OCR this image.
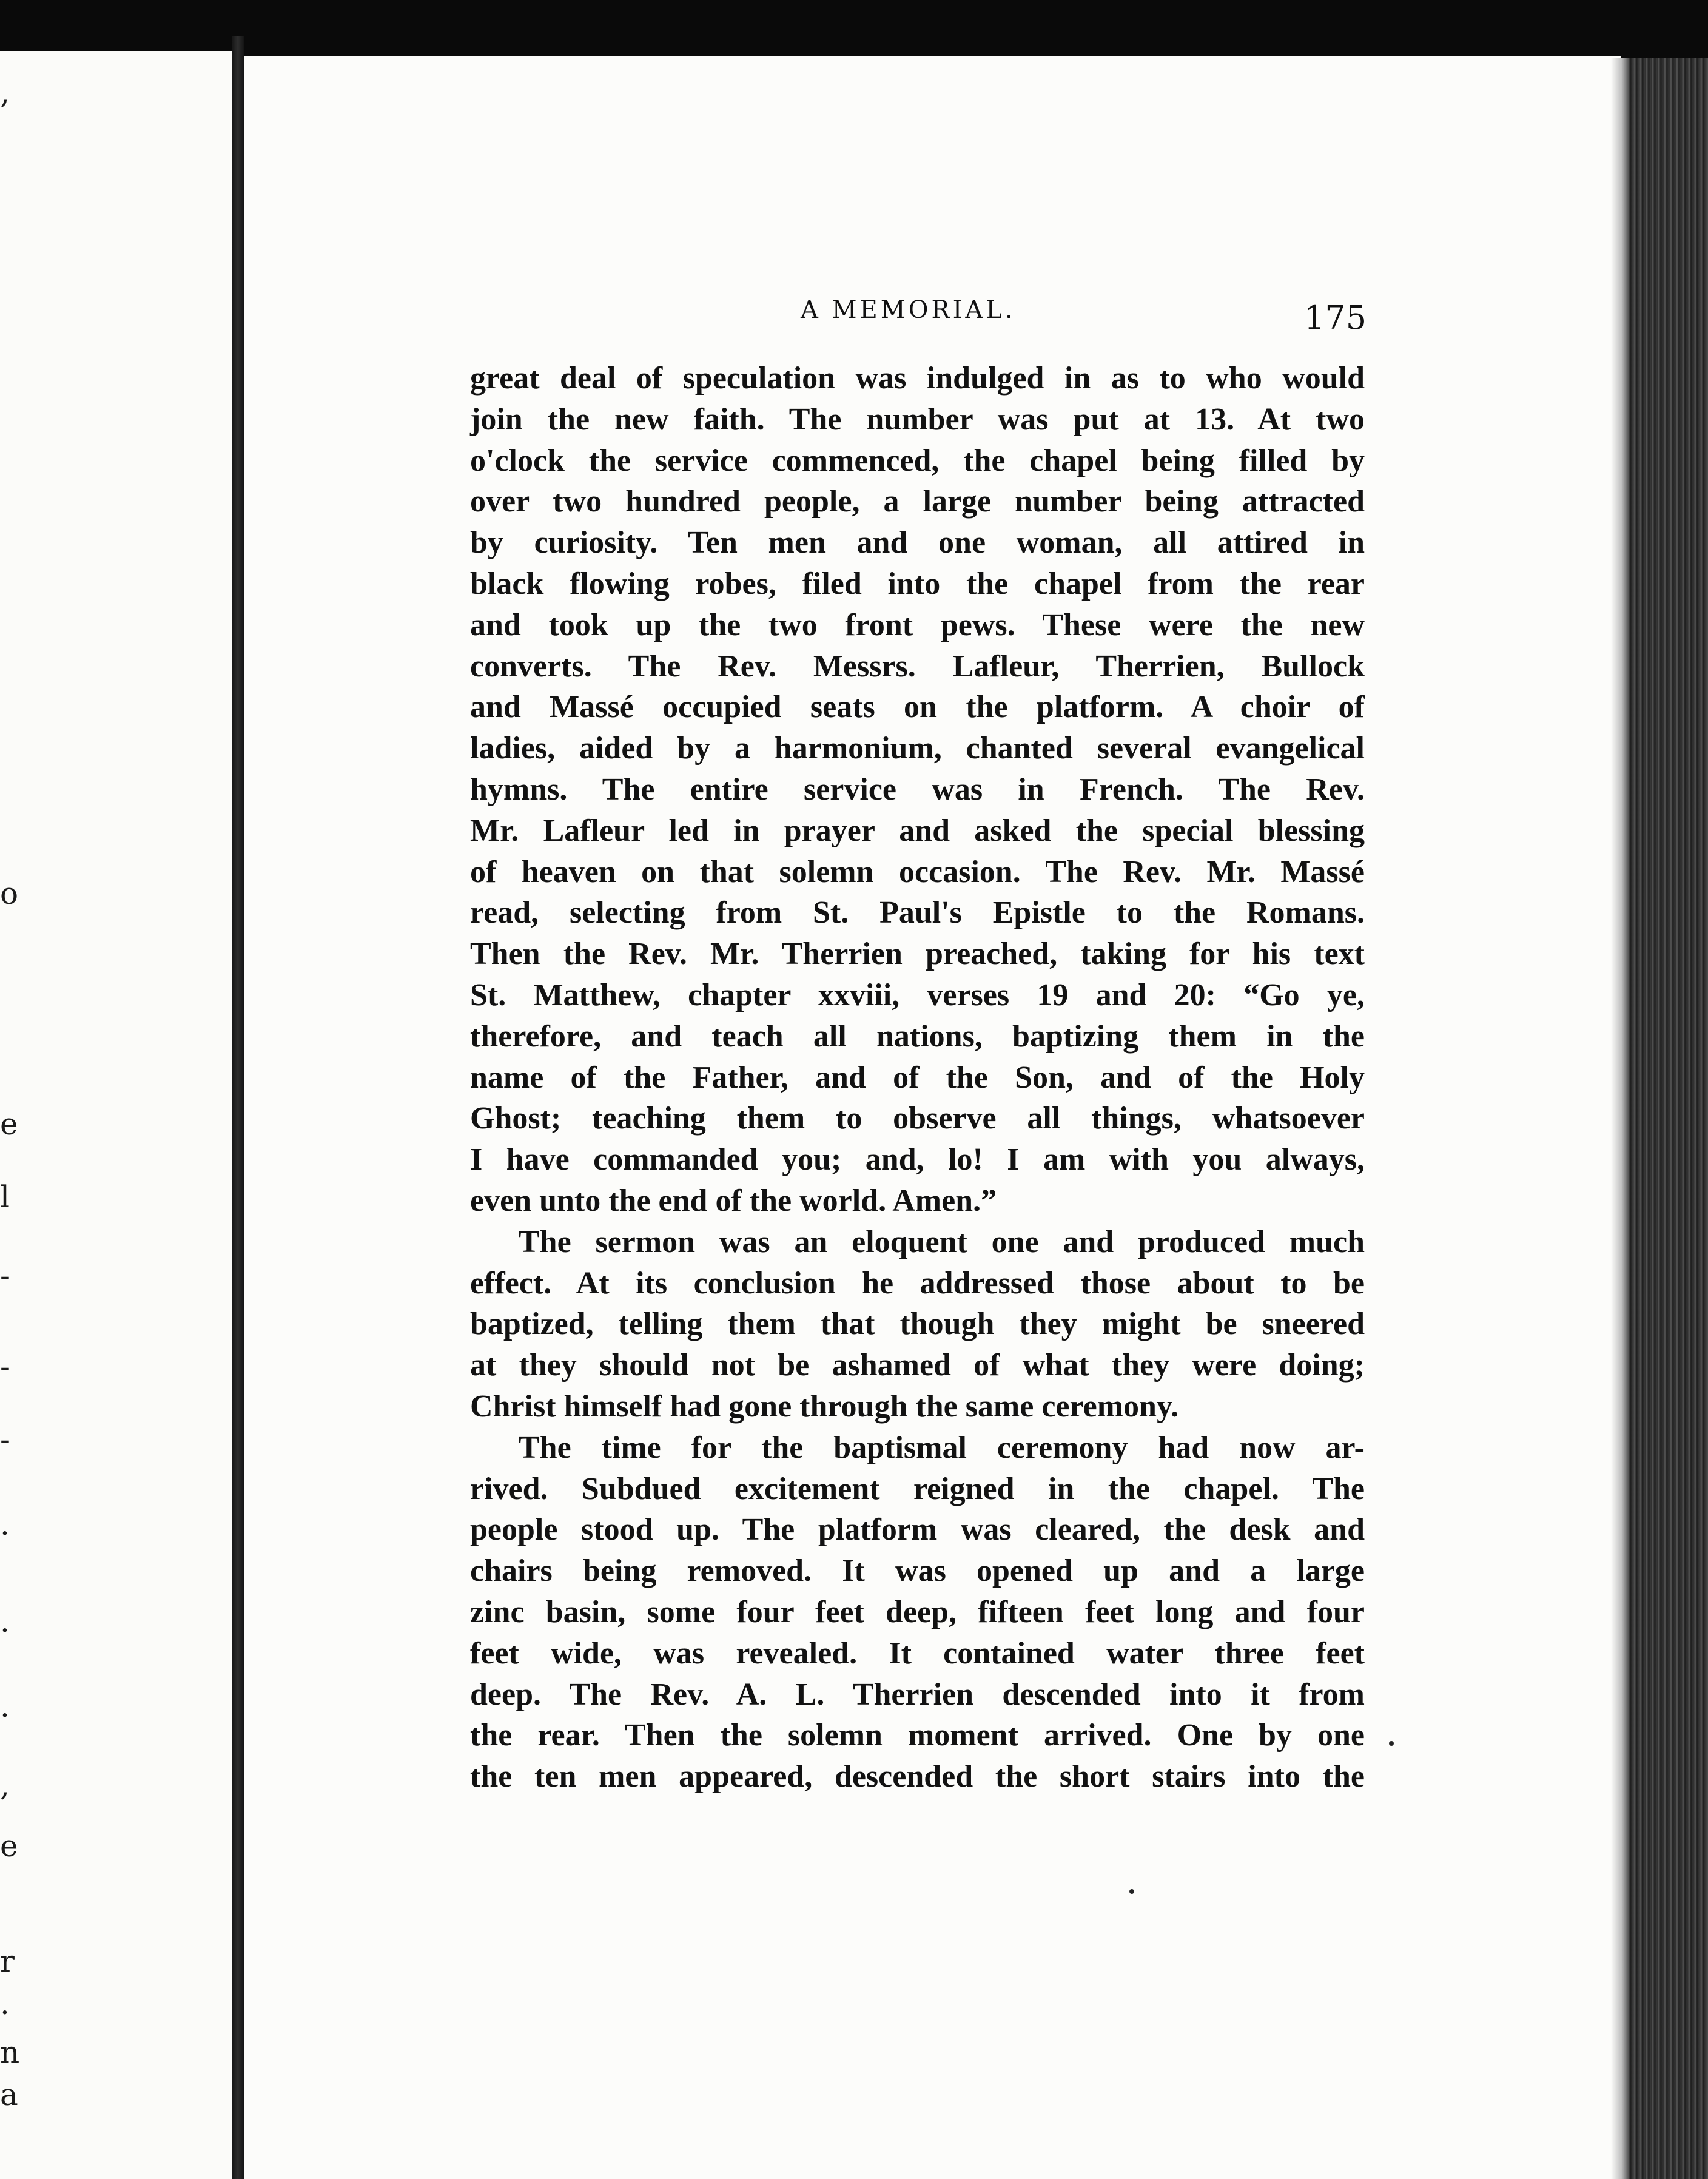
,
o
e
l
-
-
-
.
.
.
,
e
r
.
n
a
A MEMORIAL.	175
great deal of speculation was indulged in as to who would
join the new faith. The number was put at 13. At two
o'clock the service commenced, the chapel being filled by
over two hundred people, a large number being attracted
by curiosity. Ten men and one woman, all attired in
black flowing robes, filed into the chapel from the rear
and took up the two front pews. These were the new
converts. The Rev. Messrs. Lafleur, Therrien, Bullock
and Massé occupied seats on the platform. A choir of
ladies, aided by a harmonium, chanted several evangelical
hymns. The entire service was in French. The Rev.
Mr. Lafleur led in prayer and asked the special blessing
of heaven on that solemn occasion. The Rev. Mr. Massé
read, selecting from St. Paul's Epistle to the Romans.
Then the Rev. Mr. Therrien preached, taking for his text
St. Matthew, chapter xxviii, verses 19 and 20: “Go ye,
therefore, and teach all nations, baptizing them in the
name of the Father, and of the Son, and of the Holy
Ghost; teaching them to observe all things, whatsoever
I have commanded you; and, lo! I am with you always,
even unto the end of the world. Amen.”
The sermon was an eloquent one and produced much
effect. At its conclusion he addressed those about to be
baptized, telling them that though they might be sneered
at they should not be ashamed of what they were doing;
Christ himself had gone through the same ceremony.
The time for the baptismal ceremony had now ar-
rived. Subdued excitement reigned in the chapel. The
people stood up. The platform was cleared, the desk and
chairs being removed. It was opened up and a large
zinc basin, some four feet deep, fifteen feet long and four
feet wide, was revealed. It contained water three feet
deep. The Rev. A. L. Therrien descended into it from
the rear. Then the solemn moment arrived. One by one
the ten men appeared, descended the short stairs into the
